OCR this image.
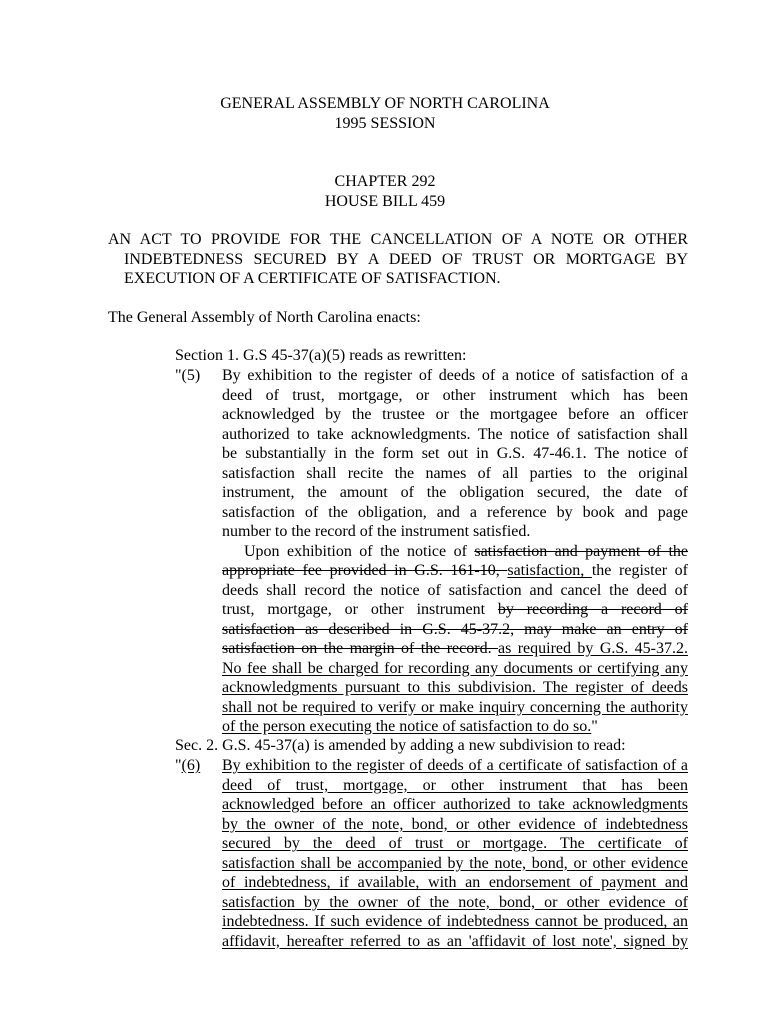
GENERAL ASSEMBLY OF NORTH CAROLINA
1995 SESSION
CHAPTER 292
HOUSE BILL 459
AN ACT TO PROVIDE FOR THE CANCELLATION OF A NOTE OR OTHER
INDEBTEDNESS SECURED BY A DEED OF TRUST OR MORTGAGE BY
EXECUTION OF A CERTIFICATE OF SATISFACTION.
The General Assembly of North Carolina enacts:
Section 1. G.S 45-37(a)(5) reads as rewritten:
"(5) By exhibition to the register of deeds of a notice of satisfaction of a
deed of trust, mortgage, or other instrument which has been
acknowledged by the trustee or the mortgagee before an officer
authorized to take acknowledgments. The notice of satisfaction shall
be substantially in the form set out in G.S. 47-46.1. The notice of
satisfaction shall recite the names of all parties to the original
instrument, the amount of the obligation secured, the date of
satisfaction of the obligation, and a reference by book and page
number to the record of the instrument satisfied.
Upon exhibition of the notice of satisfaction and payment of the
appropriate fee provided in G.S. 161-10, satisfaction, the register of
deeds shall record the notice of satisfaction and cancel the deed of
trust, mortgage, or other instrument by recording a record of
satisfaction as described in G.S. 45-37.2, may make an entry of
satisfaction on the margin of the record. as required by G.S. 45-37.2.
No fee shall be charged for recording any documents or certifying any
acknowledgments pursuant to this subdivision. The register of deeds
shall not be required to verify or make inquiry concerning the authority
of the person executing the notice of satisfaction to do so."
Sec. 2. G.S. 45-37(a) is amended by adding a new subdivision to read:
"(6) By exhibition to the register of deeds of a certificate of satisfaction of a
deed of trust, mortgage, or other instrument that has been
acknowledged before an officer authorized to take acknowledgments
by the owner of the note, bond, or other evidence of indebtedness
secured by the deed of trust or mortgage. The certificate of
satisfaction shall be accompanied by the note, bond, or other evidence
of indebtedness, if available, with an endorsement of payment and
satisfaction by the owner of the note, bond, or other evidence of
indebtedness. If such evidence of indebtedness cannot be produced, an
affidavit, hereafter referred to as an 'affidavit of lost note', signed by
